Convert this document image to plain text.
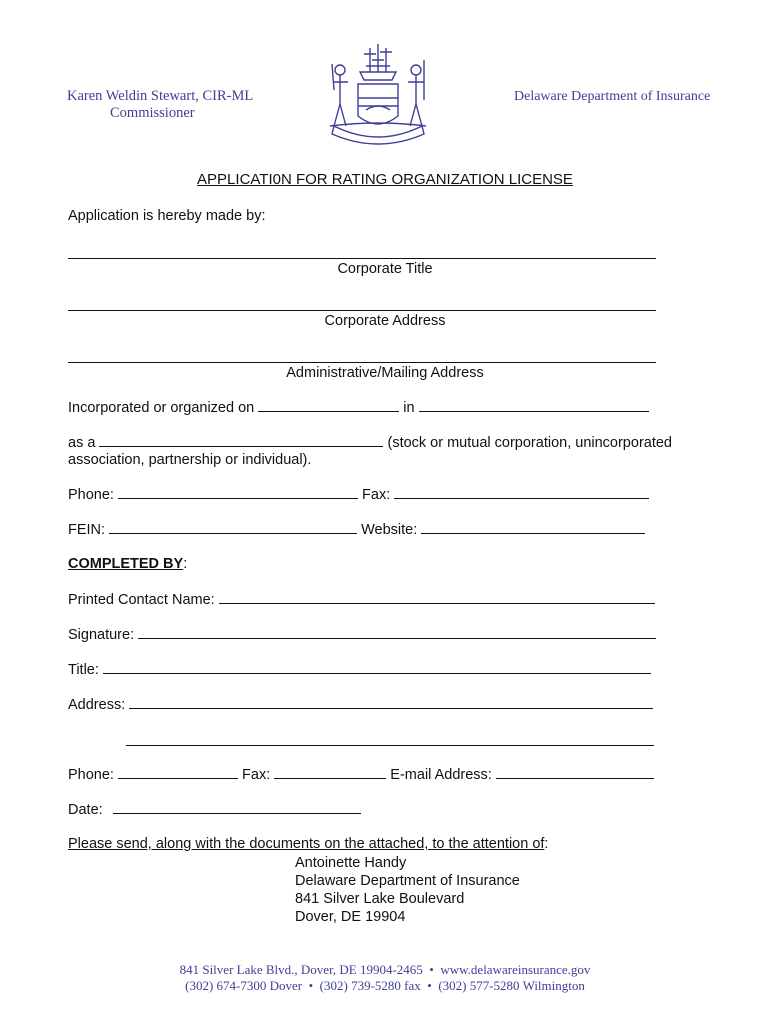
Karen Weldin Stewart, CIR-ML
Commissioner
Delaware Department of Insurance
APPLICATI0N FOR RATING ORGANIZATION LICENSE
Application is hereby made by:
Corporate Title
Corporate Address
Administrative/Mailing Address
Incorporated or organized on	in
as a	(stock or mutual corporation, unincorporated
association, partnership or individual).
Phone:	Fax:
FEIN:	Website:
COMPLETED BY:
Printed Contact Name:
Signature:
Title:
Address:
Phone:	Fax:	E-mail Address:
Date:
Please send, along with the documents on the attached, to the attention of:
Antoinette Handy
Delaware Department of Insurance
841 Silver Lake Boulevard
Dover, DE 19904
841 Silver Lake Blvd., Dover, DE 19904-2465 • www.delawareinsurance.gov
(302) 674-7300 Dover • (302) 739-5280 fax • (302) 577-5280 Wilmington
